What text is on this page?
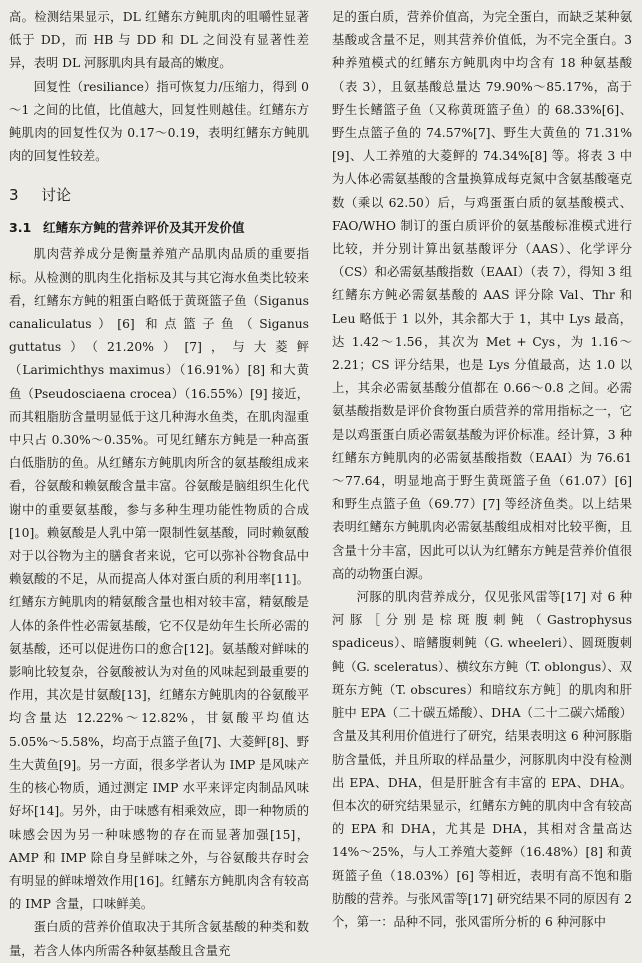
高。检测结果显示，DL 红鳍东方鲀肌肉的咀嚼性显著低于 DD，而 HB 与 DD 和 DL 之间没有显著性差异，表明 DL 河豚肌肉具有最高的嫩度。

回复性（resiliance）指可恢复力/压缩力，得到 0～1 之间的比值，比值越大，回复性则越佳。红鳍东方鲀肌肉的回复性仅为 0.17～0.19，表明红鳍东方鲀肌肉的回复性较差。

3 讨论
3.1 红鳍东方鲀的营养评价及其开发价值

肌肉营养成分是衡量养殖产品肌肉品质的重要指标。从检测的肌肉生化指标及其与其它海水鱼类比较来看，红鳍东方鲀的粗蛋白略低于黄斑篮子鱼（Siganus canaliculatus）[6] 和点篮子鱼（Siganus guttatus）（21.20%）[7]，与大菱鲆（Larimichthys maximus）（16.91%）[8] 和大黄鱼（Pseudosciaena crocea）（16.55%）[9] 接近，而其粗脂肪含量明显低于这几种海水鱼类，在肌肉湿重中只占 0.30%～0.35%。可见红鳍东方鲀是一种高蛋白低脂肪的鱼。从红鳍东方鲀肌肉所含的氨基酸组成来看，谷氨酸和赖氨酸含量丰富。谷氨酸是脑组织生化代谢中的重要氨基酸，参与多种生理功能性物质的合成[10]。赖氨酸是人乳中第一限制性氨基酸，同时赖氨酸对于以谷物为主的膳食者来说，它可以弥补谷物食品中赖氨酸的不足，从而提高人体对蛋白质的利用率[11]。红鳍东方鲀肌肉的精氨酸含量也相对较丰富，精氨酸是人体的条件性必需氨基酸，它不仅是幼年生长所必需的氨基酸，还可以促进伤口的愈合[12]。氨基酸对鲜味的影响比较复杂，谷氨酸被认为对鱼的风味起到最重要的作用，其次是甘氨酸[13]，红鳍东方鲀肌肉的谷氨酸平均含量达 12.22%～12.82%，甘氨酸平均值达 5.05%～5.58%，均高于点篮子鱼[7]、大菱鲆[8]、野生大黄鱼[9]。另一方面，很多学者认为 IMP 是风味产生的核心物质，通过测定 IMP 水平来评定肉制品风味好坏[14]。另外，由于味感有相乘效应，即一种物质的味感会因为另一种味感物的存在而显著加强[15]，AMP 和 IMP 除自身呈鲜味之外，与谷氨酸共存时会有明显的鲜味增效作用[16]。红鳍东方鲀肌肉含有较高的 IMP 含量，口味鲜美。

蛋白质的营养价值取决于其所含氨基酸的种类和数量，若含人体内所需各种氨基酸且含量充

足的蛋白质，营养价值高，为完全蛋白，而缺乏某种氨基酸或含量不足，则其营养价值低，为不完全蛋白。3 种养殖模式的红鳍东方鲀肌肉中均含有 18 种氨基酸（表 3），且氨基酸总量达 79.90%～85.17%，高于野生长鳍篮子鱼（又称黄斑篮子鱼）的 68.33%[6]、野生点篮子鱼的 74.57%[7]、野生大黄鱼的 71.31%[9]、人工养殖的大菱鲆的 74.34%[8] 等。将表 3 中为人体必需氨基酸的含量换算成每克氮中含氨基酸毫克数（乘以 62.50）后，与鸡蛋蛋白质的氨基酸模式、FAO/WHO 制订的蛋白质评价的氨基酸标准模式进行比较，并分别计算出氨基酸评分（AAS）、化学评分（CS）和必需氨基酸指数（EAAI）（表 7），得知 3 组红鳍东方鲀必需氨基酸的 AAS 评分除 Val、Thr 和 Leu 略低于 1 以外，其余都大于 1，其中 Lys 最高，达 1.42～1.56，其次为 Met + Cys，为 1.16～2.21；CS 评分结果，也是 Lys 分值最高，达 1.0 以上，其余必需氨基酸分值都在 0.66～0.8 之间。必需氨基酸指数是评价食物蛋白质营养的常用指标之一，它是以鸡蛋蛋白质必需氨基酸为评价标准。经计算，3 种红鳍东方鲀肌肉的必需氨基酸指数（EAAI）为 76.61～77.64，明显地高于野生黄斑篮子鱼（61.07）[6] 和野生点篮子鱼（69.77）[7] 等经济鱼类。以上结果表明红鳍东方鲀肌肉必需氨基酸组成相对比较平衡，且含量十分丰富，因此可以认为红鳍东方鲀是营养价值很高的动物蛋白源。

河豚的肌肉营养成分，仅见张风雷等[17] 对 6 种河豚［分别是棕斑腹刺鲀（Gastrophysus spadiceus）、暗鳍腹刺鲀（G. wheeleri）、圆斑腹刺鲀（G. sceleratus）、横纹东方鲀（T. oblongus）、双斑东方鲀（T. obscures）和暗纹东方鲀］的肌肉和肝脏中 EPA（二十碳五烯酸）、DHA（二十二碳六烯酸）含量及其利用价值进行了研究，结果表明这 6 种河豚脂肪含量低，并且所取的样品量少，河豚肌肉中没有检测出 EPA、DHA，但是肝脏含有丰富的 EPA、DHA。但本次的研究结果显示，红鳍东方鲀的肌肉中含有较高的 EPA 和 DHA，尤其是 DHA，其相对含量高达 14%～25%，与人工养殖大菱鲆（16.48%）[8] 和黄斑篮子鱼（18.03%）[6] 等相近，表明有高不饱和脂肪酸的营养。与张风雷等[17] 研究结果不同的原因有 2 个，第一：品种不同，张风雷所分析的 6 种河豚中
